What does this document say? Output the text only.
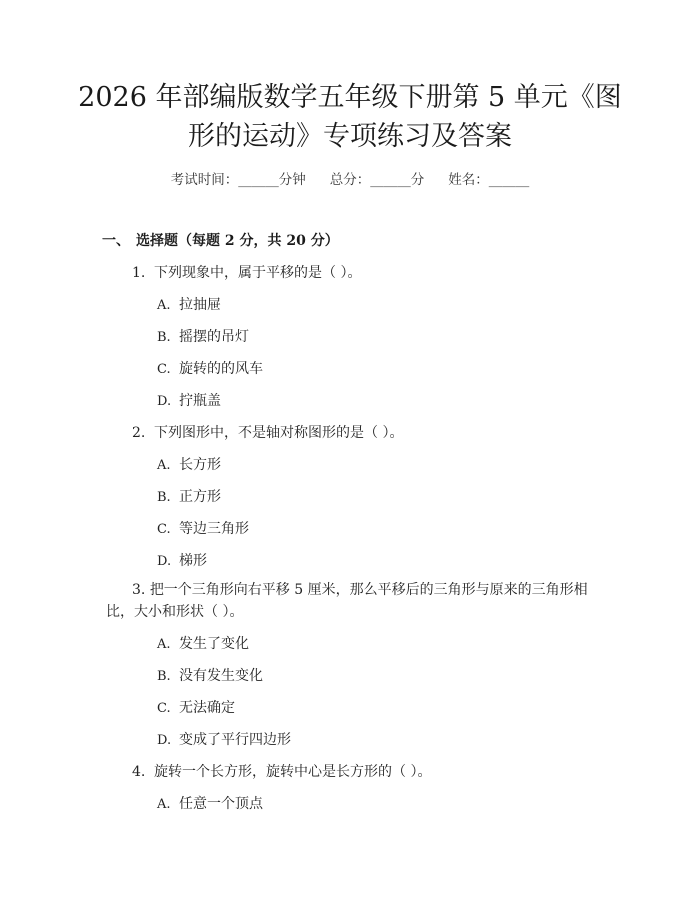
2026 年部编版数学五年级下册第 5 单元《图
形的运动》专项练习及答案
考试时间：______分钟 总分：______分 姓名：______
一、 选择题（每题 2 分，共 20 分）
1. 下列现象中，属于平移的是（ ）。
A. 拉抽屉
B. 摇摆的吊灯
C. 旋转的的风车
D. 拧瓶盖
2. 下列图形中，不是轴对称图形的是（ ）。
A. 长方形
B. 正方形
C. 等边三角形
D. 梯形
3. 把一个三角形向右平移 5 厘米，那么平移后的三角形与原来的三角形相
比，大小和形状（ ）。
A. 发生了变化
B. 没有发生变化
C. 无法确定
D. 变成了平行四边形
4. 旋转一个长方形，旋转中心是长方形的（ ）。
A. 任意一个顶点
